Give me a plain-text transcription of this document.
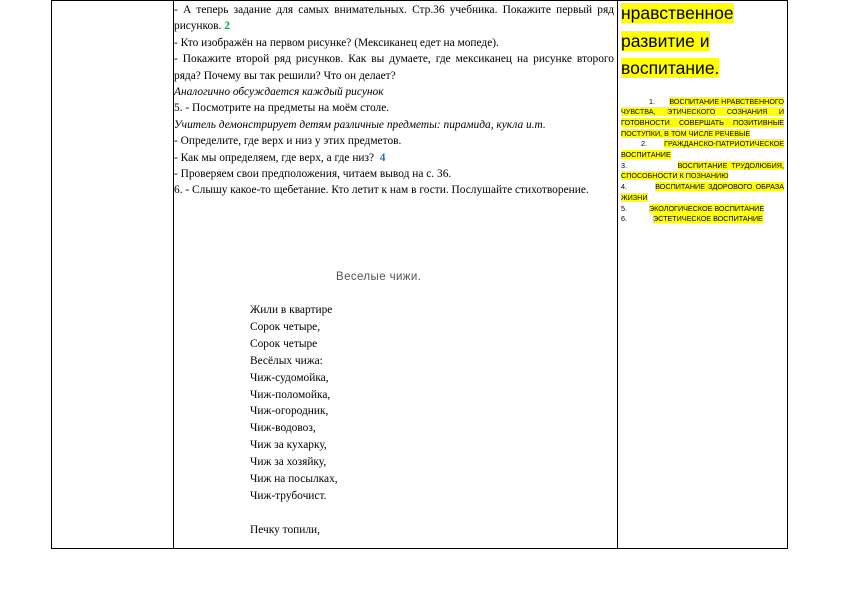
- А теперь задание для самых внимательных. Стр.36 учебника. Покажите первый ряд рисунков. 2

- Кто изображён на первом рисунке? (Мексиканец едет на мопеде).

- Покажите второй ряд рисунков. Как вы думаете, где мексиканец на рисунке второго ряда? Почему вы так решили? Что он делает?

Аналогично обсуждается каждый рисунок

5. - Посмотрите на предметы на моём столе.

Учитель демонстрирует детям различные предметы: пирамида, кукла и.т.

- Определите, где верх и низ у этих предметов.

- Как мы определяем, где верх, а где низ? 4

- Проверяем свои предположения, читаем вывод на с. 36.

6. - Слышу какое-то щебетание. Кто летит к нам в гости. Послушайте стихотворение.

Веселые чижи.
Жили в квартире
Сорок четыре,
Сорок четыре
Весёлых чижа:
Чиж-судомойка,
Чиж-поломойка,
Чиж-огородник,
Чиж-водовоз,
Чиж за кухарку,
Чиж за хозяйку,
Чиж на посылках,
Чиж-трубочист.
Печку топили,
нравственное
развитие и
воспитание.
1. ВОСПИТАНИЕ НРАВСТВЕННОГО ЧУВСТВА, ЭТИЧЕСКОГО СОЗНАНИЯ И ГОТОВНОСТИ СОВЕРШАТЬ ПОЗИТИВНЫЕ ПОСТУПКИ, В ТОМ ЧИСЛЕ РЕЧЕВЫЕ
2. ГРАЖДАНСКО-ПАТРИОТИЧЕСКОЕ ВОСПИТАНИЕ
3.	ВОСПИТАНИЕ ТРУДОЛЮБИЯ, СПОСОБНОСТИ К ПОЗНАНИЮ
4.	ВОСПИТАНИЕ ЗДОРОВОГО ОБРАЗА ЖИЗНИ
5.	ЭКОЛОГИЧЕСКОЕ ВОСПИТАНИЕ
6.	ЭСТЕТИЧЕСКОЕ ВОСПИТАНИЕ
